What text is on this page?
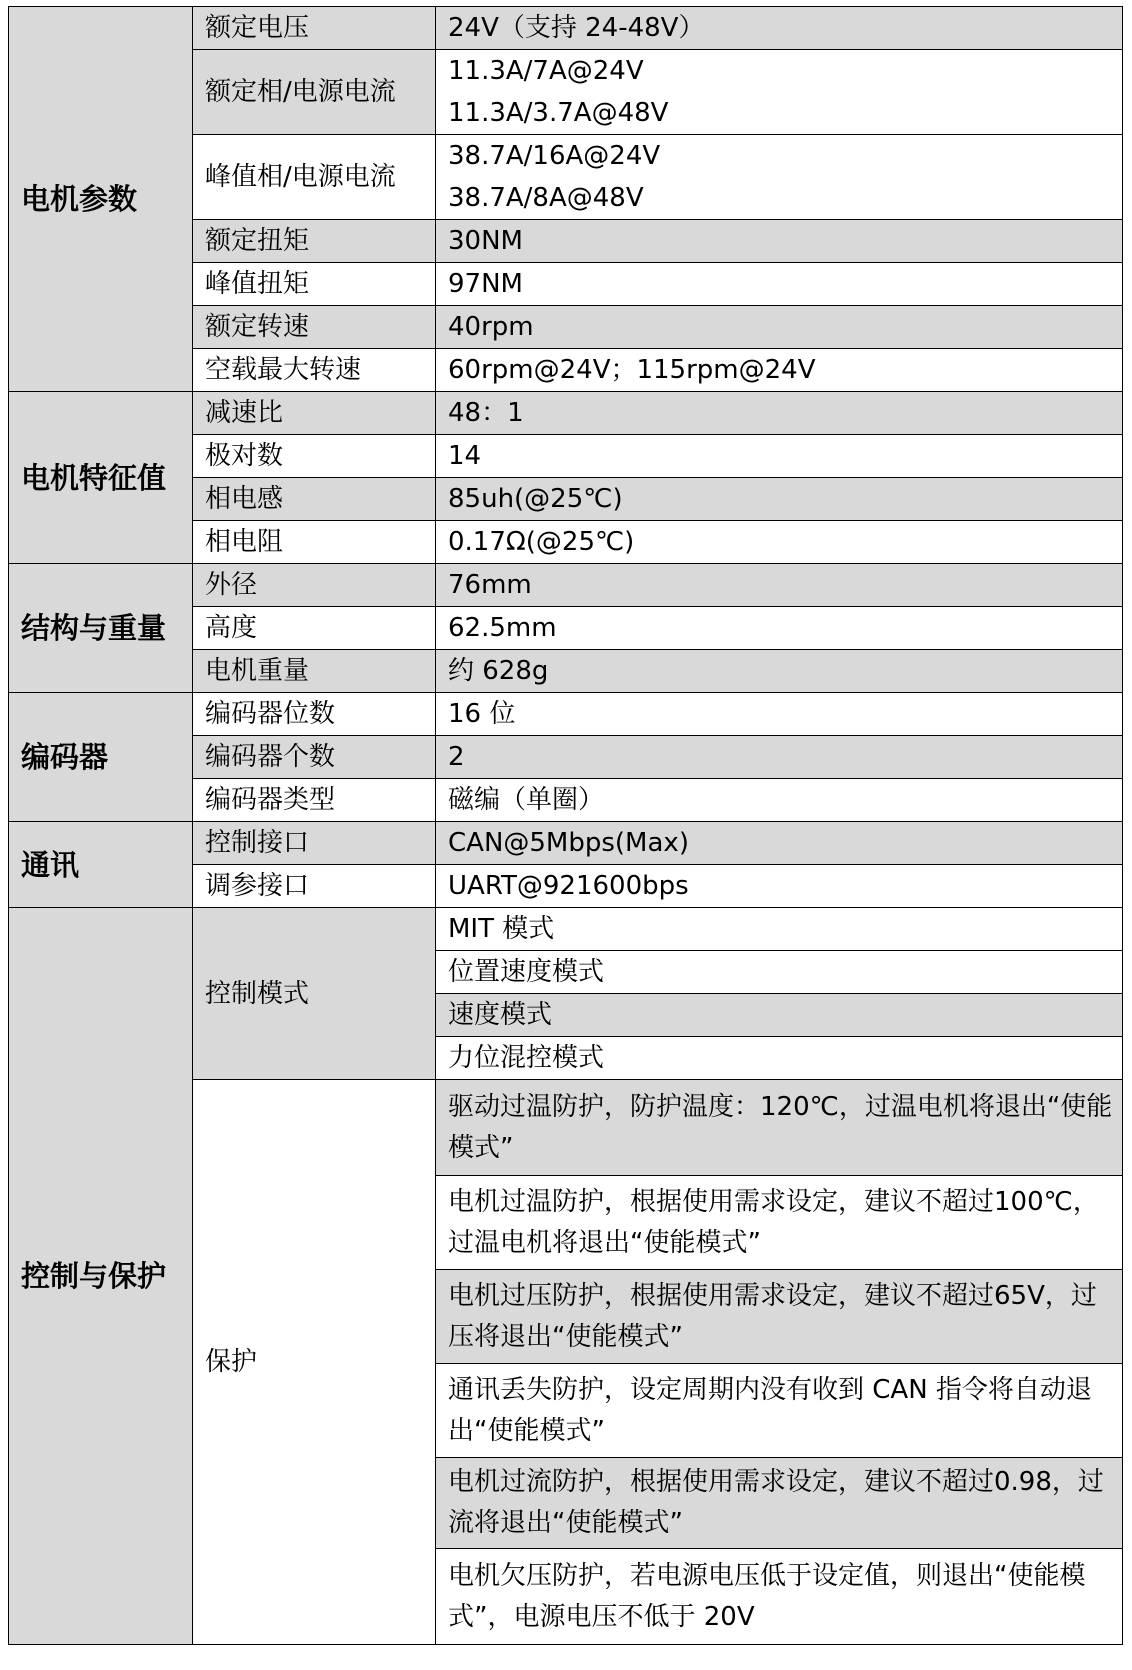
电机参数	额定电压	24V（支持 24-48V）
	额定相/电源电流	11.3A/7A@24V
		11.3A/3.7A@48V
	峰值相/电源电流	38.7A/16A@24V
		38.7A/8A@48V
	额定扭矩	30NM
	峰值扭矩	97NM
	额定转速	40rpm
	空载最大转速	60rpm@24V；115rpm@24V
电机特征值	减速比	48：1
	极对数	14
	相电感	85uh(@25℃)
	相电阻	0.17Ω(@25℃)
结构与重量	外径	76mm
	高度	62.5mm
	电机重量	约 628g
编码器	编码器位数	16 位
	编码器个数	2
	编码器类型	磁编（单圈）
通讯	控制接口	CAN@5Mbps(Max)
	调参接口	UART@921600bps
控制与保护	控制模式	MIT 模式
		位置速度模式
		速度模式
		力位混控模式
	保护	驱动过温防护，防护温度：120℃，过温电机将退出“使能模式”
		电机过温防护，根据使用需求设定，建议不超过100℃，过温电机将退出“使能模式”
		电机过压防护，根据使用需求设定，建议不超过65V，过压将退出“使能模式”
		通讯丢失防护，设定周期内没有收到 CAN 指令将自动退出“使能模式”
		电机过流防护，根据使用需求设定，建议不超过0.98，过流将退出“使能模式”
		电机欠压防护，若电源电压低于设定值，则退出“使能模式”，电源电压不低于 20V
